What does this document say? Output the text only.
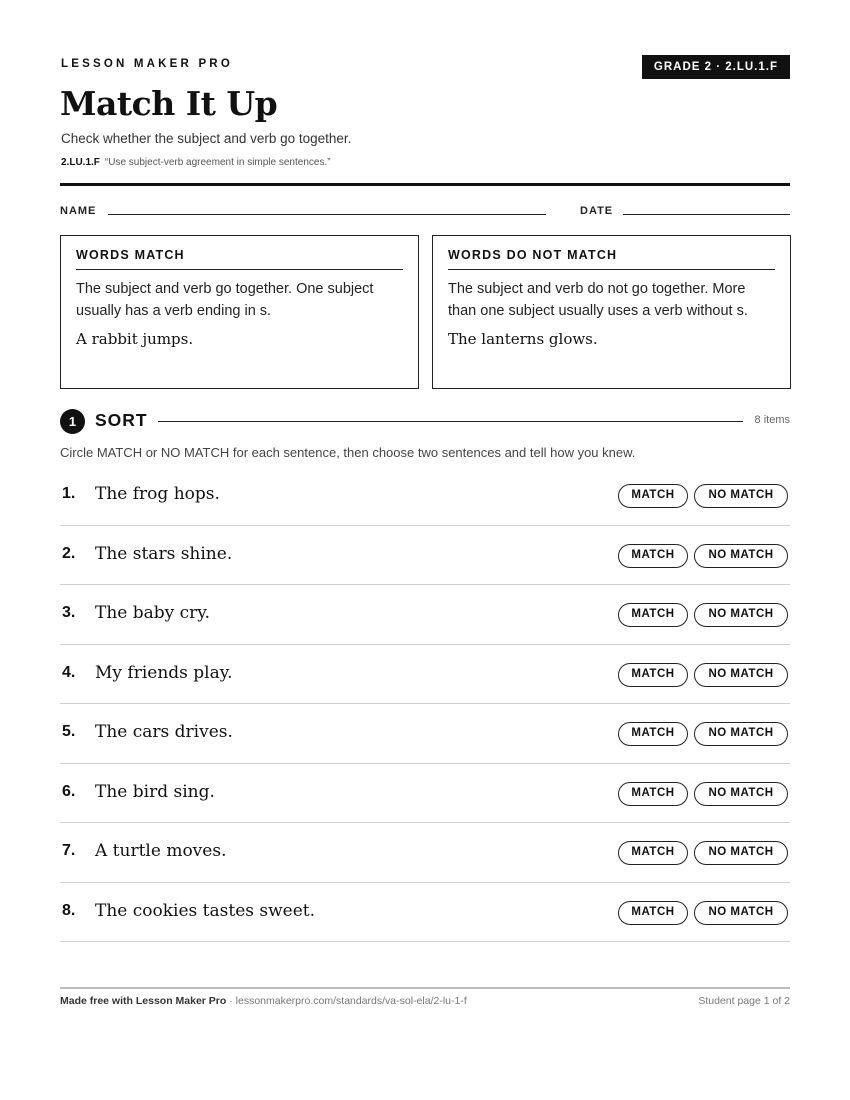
LESSON MAKER PRO	GRADE 2 · 2.LU.1.F
Match It Up
Check whether the subject and verb go together.
2.LU.1.F “Use subject-verb agreement in simple sentences.”
NAME	DATE
WORDS MATCH
The subject and verb go together. One subject usually has a verb ending in s.
A rabbit jumps.
WORDS DO NOT MATCH
The subject and verb do not go together. More than one subject usually uses a verb without s.
The lanterns glows.
1	SORT	8 items
Circle MATCH or NO MATCH for each sentence, then choose two sentences and tell how you knew.
1. The frog hops.	MATCH	NO MATCH
2. The stars shine.	MATCH	NO MATCH
3. The baby cry.	MATCH	NO MATCH
4. My friends play.	MATCH	NO MATCH
5. The cars drives.	MATCH	NO MATCH
6. The bird sing.	MATCH	NO MATCH
7. A turtle moves.	MATCH	NO MATCH
8. The cookies tastes sweet.	MATCH	NO MATCH
Made free with Lesson Maker Pro · lessonmakerpro.com/standards/va-sol-ela/2-lu-1-f	Student page 1 of 2
